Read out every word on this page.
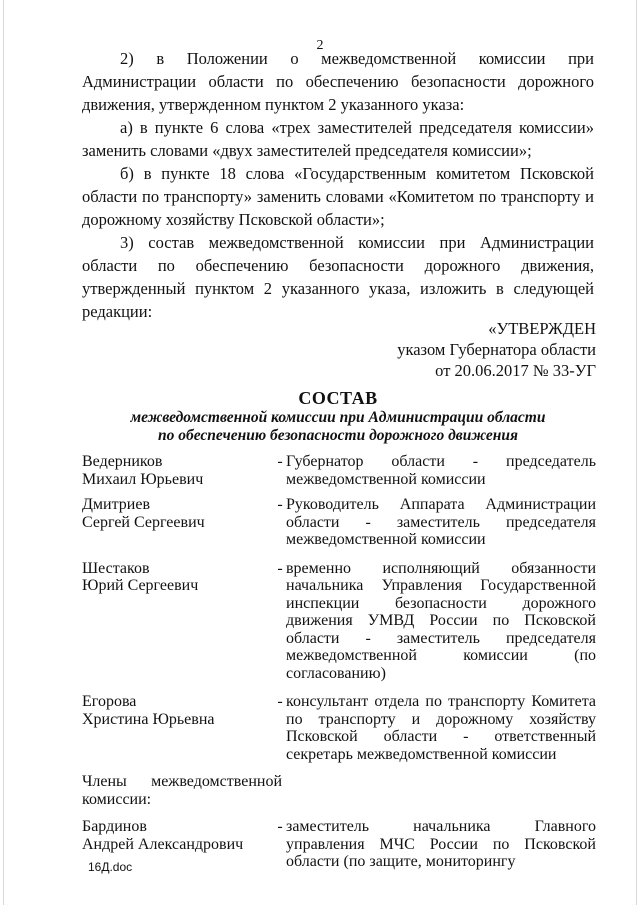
2

2) в Положении о межведомственной комиссии при Администрации области по обеспечению безопасности дорожного движения, утвержденном пунктом 2 указанного указа:

а) в пункте 6 слова «трех заместителей председателя комиссии» заменить словами «двух заместителей председателя комиссии»;

б) в пункте 18 слова «Государственным комитетом Псковской области по транспорту» заменить словами «Комитетом по транспорту и дорожному хозяйству Псковской области»;

3) состав межведомственной комиссии при Администрации области по обеспечению безопасности дорожного движения, утвержденный пунктом 2 указанного указа, изложить в следующей редакции:

«УТВЕРЖДЕН
указом Губернатора области
от 20.06.2017 № 33-УГ
СОСТАВ
межведомственной комиссии при Администрации области
по обеспечению безопасности дорожного движения
Ведерников
Михаил Юрьевич
- Губернатор области - председатель межведомственной комиссии
Дмитриев
Сергей Сергеевич
- Руководитель Аппарата Администрации области - заместитель председателя межведомственной комиссии
Шестаков
Юрий Сергеевич
- временно исполняющий обязанности начальника Управления Государственной инспекции безопасности дорожного движения УМВД России по Псковской области - заместитель председателя межведомственной комиссии (по согласованию)
Егорова
Христина Юрьевна
- консультант отдела по транспорту Комитета по транспорту и дорожному хозяйству Псковской области - ответственный секретарь межведомственной комиссии
Члены межведомственной комиссии:
Бардинов
Андрей Александрович
- заместитель начальника Главного управления МЧС России по Псковской области (по защите, мониторингу
16Д.doc
